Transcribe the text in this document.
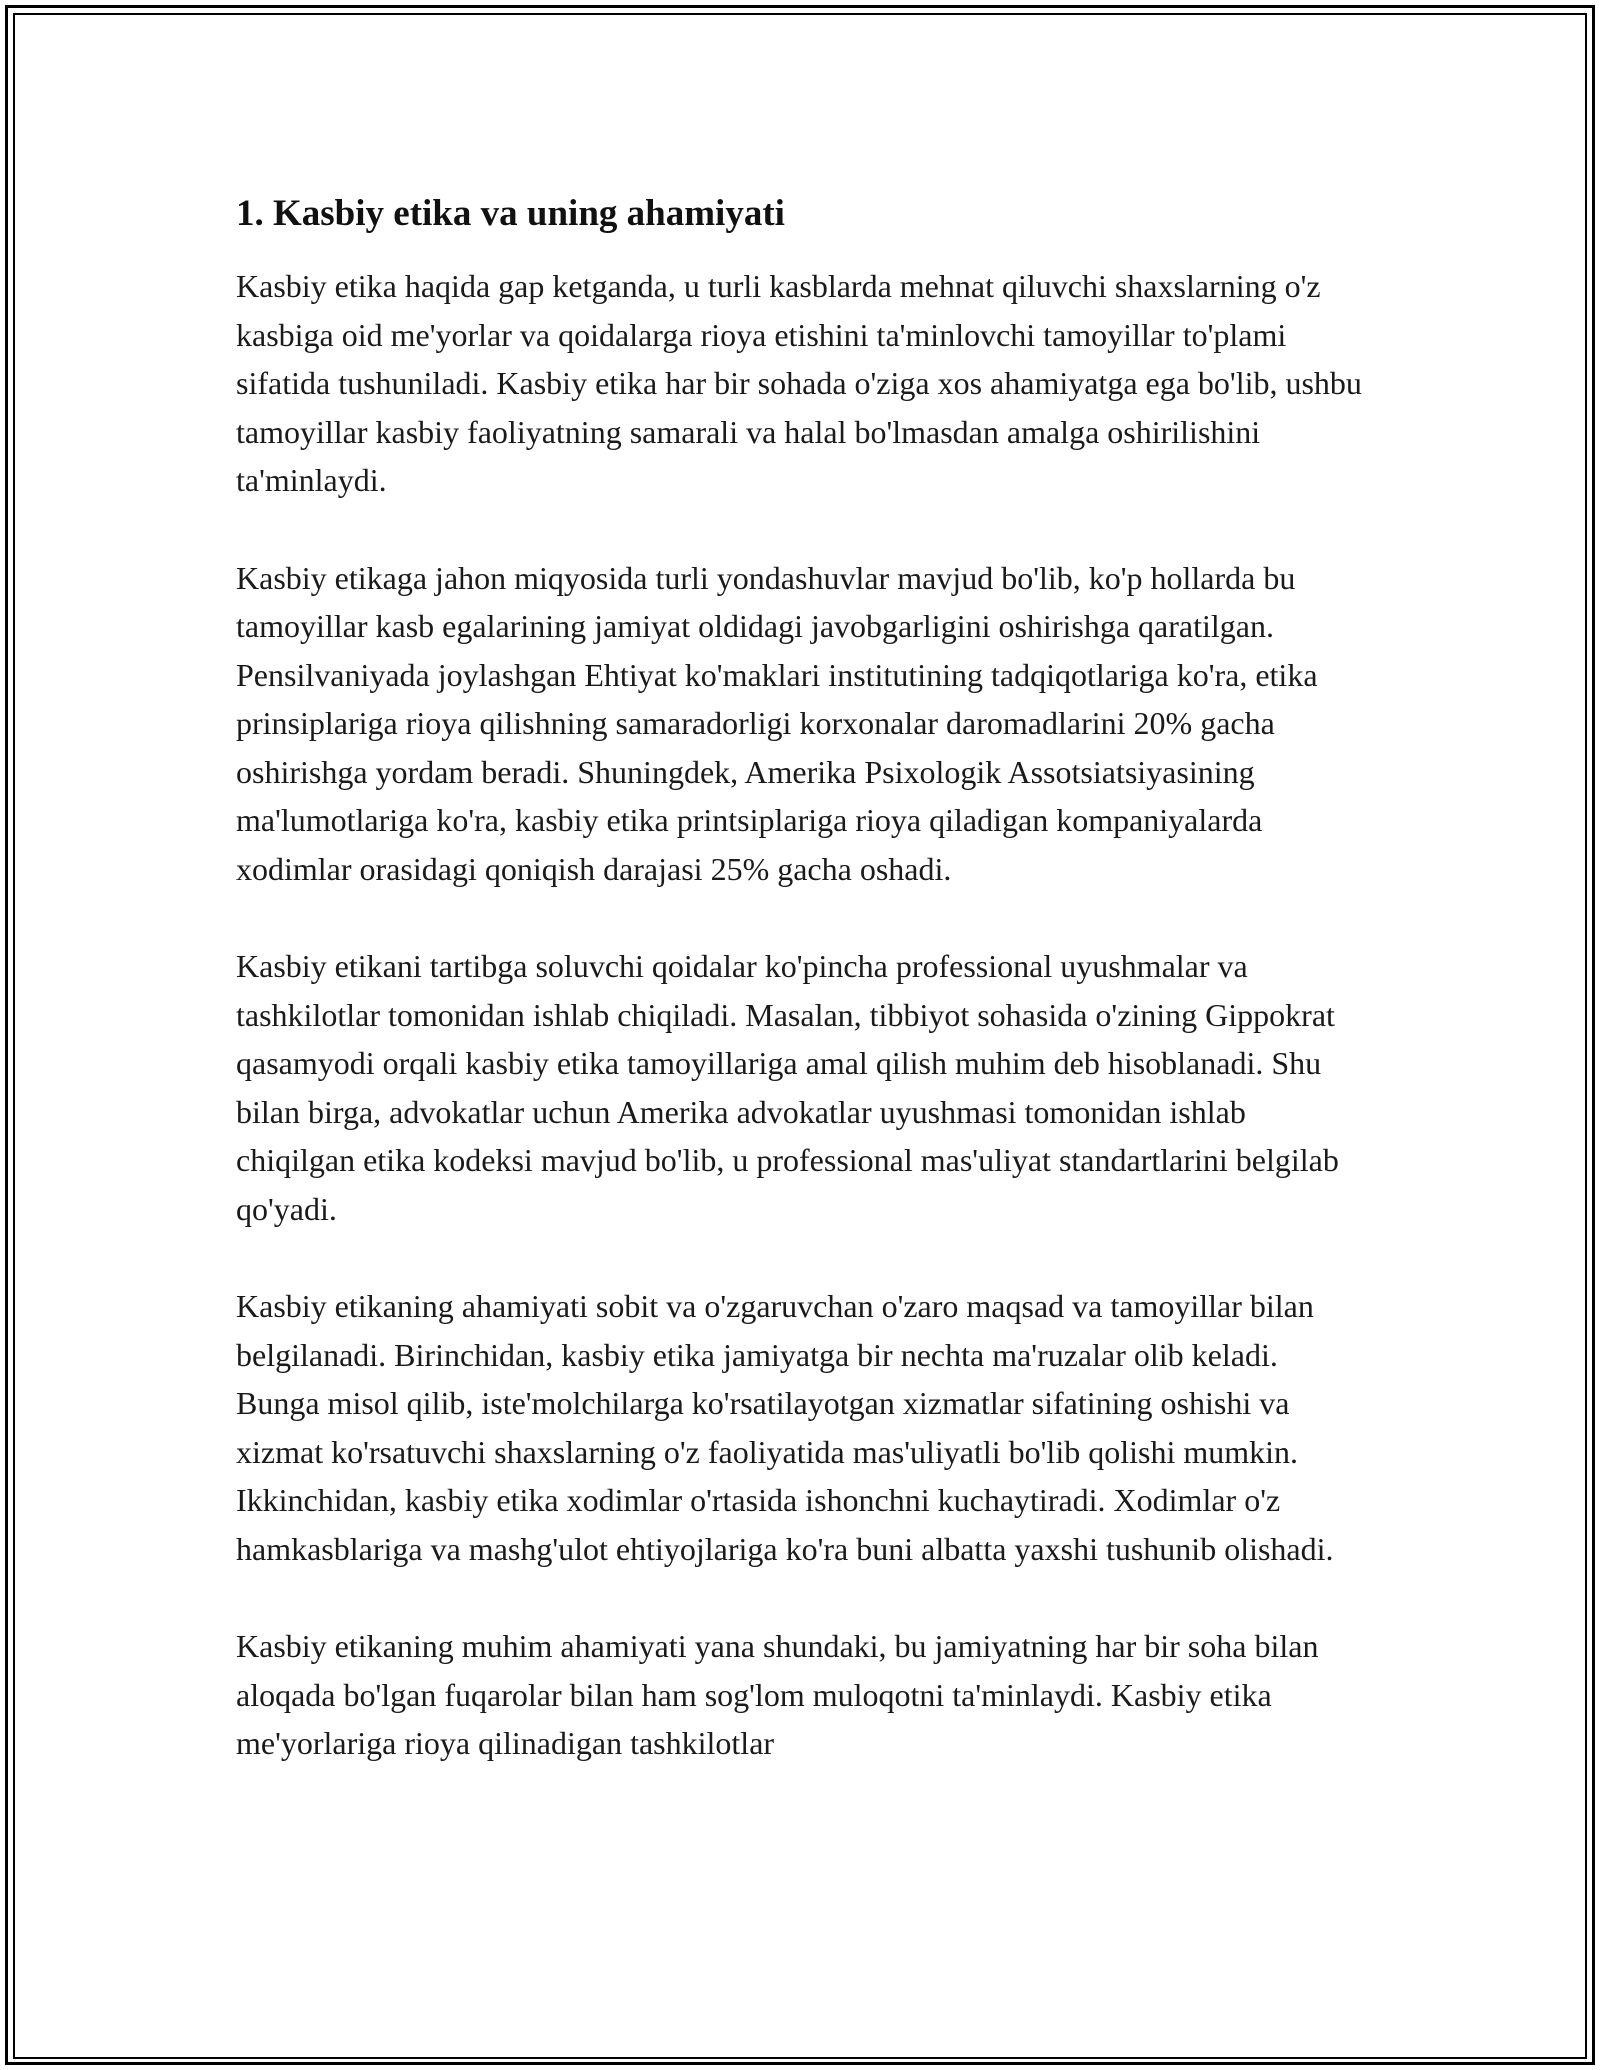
1. Kasbiy etika va uning ahamiyati

Kasbiy etika haqida gap ketganda, u turli kasblarda mehnat qiluvchi shaxslarning o'z kasbiga oid me'yorlar va qoidalarga rioya etishini ta'minlovchi tamoyillar to'plami sifatida tushuniladi. Kasbiy etika har bir sohada o'ziga xos ahamiyatga ega bo'lib, ushbu tamoyillar kasbiy faoliyatning samarali va halal bo'lmasdan amalga oshirilishini ta'minlaydi.

Kasbiy etikaga jahon miqyosida turli yondashuvlar mavjud bo'lib, ko'p hollarda bu tamoyillar kasb egalarining jamiyat oldidagi javobgarligini oshirishga qaratilgan. Pensilvaniyada joylashgan Ehtiyat ko'maklari institutining tadqiqotlariga ko'ra, etika prinsiplariga rioya qilishning samaradorligi korxonalar daromadlarini 20% gacha oshirishga yordam beradi. Shuningdek, Amerika Psixologik Assotsiatsiyasining ma'lumotlariga ko'ra, kasbiy etika printsiplariga rioya qiladigan kompaniyalarda xodimlar orasidagi qoniqish darajasi 25% gacha oshadi.

Kasbiy etikani tartibga soluvchi qoidalar ko'pincha professional uyushmalar va tashkilotlar tomonidan ishlab chiqiladi. Masalan, tibbiyot sohasida o'zining Gippokrat qasamyodi orqali kasbiy etika tamoyillariga amal qilish muhim deb hisoblanadi. Shu bilan birga, advokatlar uchun Amerika advokatlar uyushmasi tomonidan ishlab chiqilgan etika kodeksi mavjud bo'lib, u professional mas'uliyat standartlarini belgilab qo'yadi.

Kasbiy etikaning ahamiyati sobit va o'zgaruvchan o'zaro maqsad va tamoyillar bilan belgilanadi. Birinchidan, kasbiy etika jamiyatga bir nechta ma'ruzalar olib keladi. Bunga misol qilib, iste'molchilarga ko'rsatilayotgan xizmatlar sifatining oshishi va xizmat ko'rsatuvchi shaxslarning o'z faoliyatida mas'uliyatli bo'lib qolishi mumkin. Ikkinchidan, kasbiy etika xodimlar o'rtasida ishonchni kuchaytiradi. Xodimlar o'z hamkasblariga va mashg'ulot ehtiyojlariga ko'ra buni albatta yaxshi tushunib olishadi.

Kasbiy etikaning muhim ahamiyati yana shundaki, bu jamiyatning har bir soha bilan aloqada bo'lgan fuqarolar bilan ham sog'lom muloqotni ta'minlaydi. Kasbiy etika me'yorlariga rioya qilinadigan tashkilotlar
